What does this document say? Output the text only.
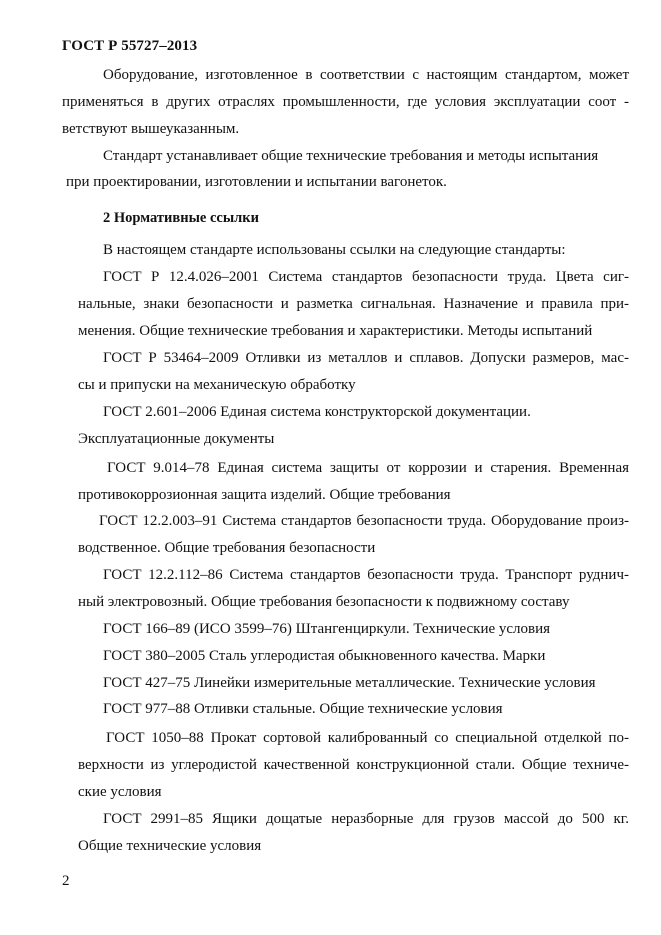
ГОСТ Р 55727–2013
Оборудование, изготовленное в соответствии с настоящим стандартом, может
применяться в других отраслях промышленности, где условия эксплуатации соот -
ветствуют вышеуказанным.
Стандарт устанавливает общие технические требования и методы испытания
при проектировании, изготовлении и испытании вагонеток.
2 Нормативные ссылки
В настоящем стандарте использованы ссылки на следующие стандарты:
ГОСТ Р 12.4.026–2001 Система стандартов безопасности труда. Цвета сиг-
нальные, знаки безопасности и разметка сигнальная. Назначение и правила при-
менения. Общие технические требования и характеристики. Методы испытаний
ГОСТ Р 53464–2009 Отливки из металлов и сплавов. Допуски размеров, мас-
сы и припуски на механическую обработку
ГОСТ 2.601–2006 Единая система конструкторской документации.
Эксплуатационные документы
ГОСТ 9.014–78 Единая система защиты от коррозии и старения. Временная
противокоррозионная защита изделий. Общие требования
ГОСТ 12.2.003–91 Система стандартов безопасности труда. Оборудование произ-
водственное. Общие требования безопасности
ГОСТ 12.2.112–86 Система стандартов безопасности труда. Транспорт руднич-
ный электровозный. Общие требования безопасности к подвижному составу
ГОСТ 166–89 (ИСО 3599–76) Штангенциркули. Технические условия
ГОСТ 380–2005 Сталь углеродистая обыкновенного качества. Марки
ГОСТ 427–75 Линейки измерительные металлические. Технические условия
ГОСТ 977–88 Отливки стальные. Общие технические условия
ГОСТ 1050–88 Прокат сортовой калиброванный со специальной отделкой по-
верхности из углеродистой качественной конструкционной стали. Общие техниче-
ские условия
ГОСТ 2991–85 Ящики дощатые неразборные для грузов массой до 500 кг.
Общие технические условия
2
